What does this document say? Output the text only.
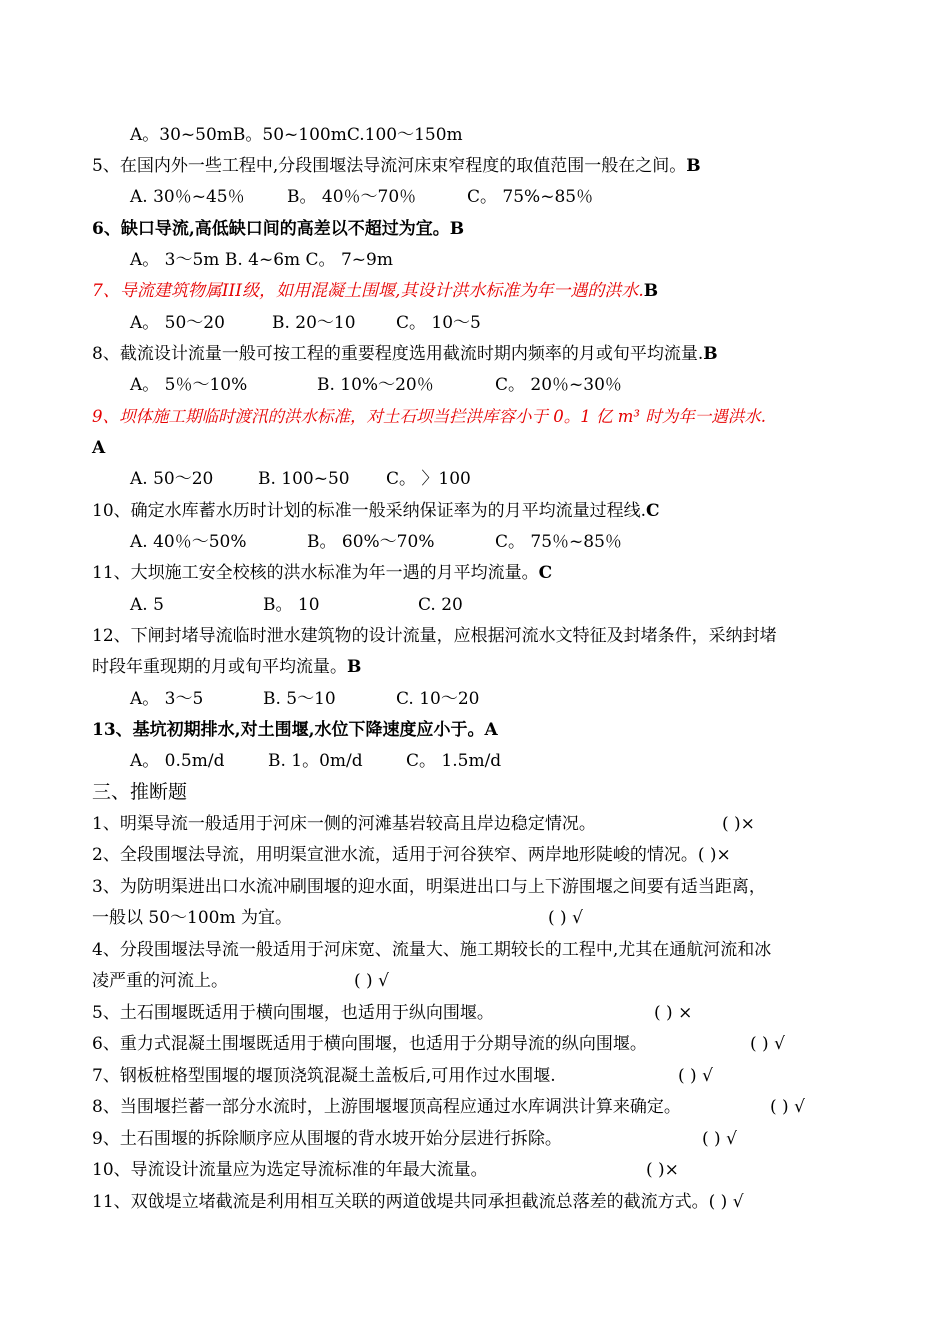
A。30~50mB。50~100mC.100～150m
5、在国内外一些工程中,分段围堰法导流河床束窄程度的取值范围一般在之间。B
A. 30％~45％ B。 40％～70％	C。 75%~85％
6、缺口导流,高低缺口间的高差以不超过为宜。B
A。 3～5m B. 4~6m C。 7~9m
7、导流建筑物属III级，如用混凝土围堰,其设计洪水标准为年一遇的洪水.B
A。 50～20	B. 20～10 C。 10～5
8、截流设计流量一般可按工程的重要程度选用截流时期内频率的月或旬平均流量.B
A。 5％～10%	B. 10%～20％	C。 20％~30％
9、坝体施工期临时渡汛的洪水标准，对土石坝当拦洪库容小于 0。1 亿 m³ 时为年一遇洪水.
A
A. 50～20	B. 100~50 C。 〉100
10、确定水库蓄水历时计划的标准一般采纳保证率为的月平均流量过程线.C
A. 40％～50%	B。 60%～70%	C。 75％~85％
11、大坝施工安全校核的洪水标准为年一遇的月平均流量。C
A. 5	B。 10	C. 20
12、下闸封堵导流临时泄水建筑物的设计流量，应根据河流水文特征及封堵条件，采纳封堵
时段年重现期的月或旬平均流量。B
A。 3～5	B. 5～10	C. 10～20
13、基坑初期排水,对土围堰,水位下降速度应小于。A
A。 0.5m/d	B. 1。0m/d	C。 1.5m/d
三、推断题
1、明渠导流一般适用于河床一侧的河滩基岩较高且岸边稳定情况。	( )×
2、全段围堰法导流，用明渠宣泄水流，适用于河谷狭窄、两岸地形陡峻的情况。( )×
3、为防明渠进出口水流冲刷围堰的迎水面，明渠进出口与上下游围堰之间要有适当距离，
一般以 50～100m 为宜。	( ) √
4、分段围堰法导流一般适用于河床宽、流量大、施工期较长的工程中,尤其在通航河流和冰
凌严重的河流上。	( ) √
5、土石围堰既适用于横向围堰，也适用于纵向围堰。	( ) ×
6、重力式混凝土围堰既适用于横向围堰，也适用于分期导流的纵向围堰。	( ) √
7、钢板桩格型围堰的堰顶浇筑混凝土盖板后,可用作过水围堰.	( ) √
8、当围堰拦蓄一部分水流时，上游围堰堰顶高程应通过水库调洪计算来确定。	( ) √
9、土石围堰的拆除顺序应从围堰的背水坡开始分层进行拆除。	( ) √
10、导流设计流量应为选定导流标准的年最大流量。	( )×
11、双戗堤立堵截流是利用相互关联的两道戗堤共同承担截流总落差的截流方式。( ) √
